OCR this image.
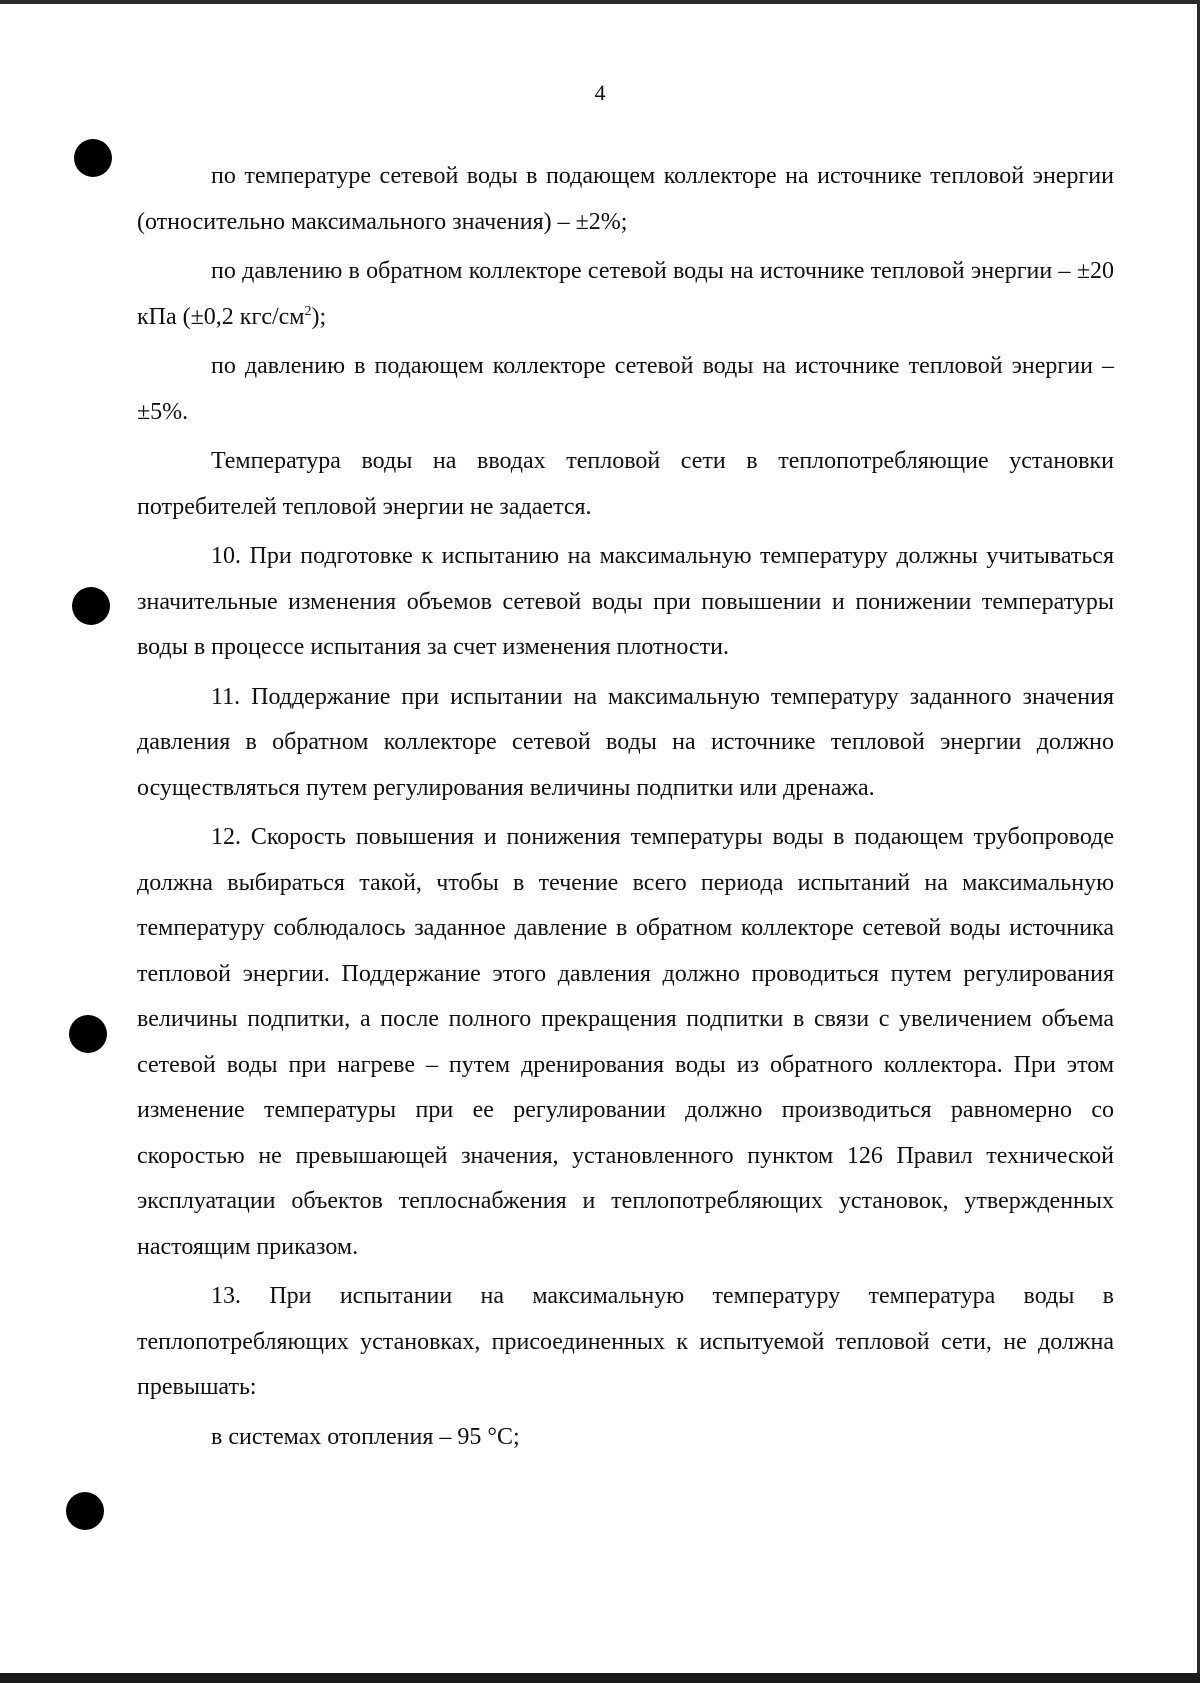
4

по температуре сетевой воды в подающем коллекторе на источнике тепловой энергии (относительно максимального значения) – ±2%;

по давлению в обратном коллекторе сетевой воды на источнике тепловой энергии – ±20 кПа (±0,2 кгс/$см^2$);

по давлению в подающем коллекторе сетевой воды на источнике тепловой энергии – ±5%.

Температура воды на вводах тепловой сети в теплопотребляющие установки потребителей тепловой энергии не задается.

10. При подготовке к испытанию на максимальную температуру должны учитываться значительные изменения объемов сетевой воды при повышении и понижении температуры воды в процессе испытания за счет изменения плотности.

11. Поддержание при испытании на максимальную температуру заданного значения давления в обратном коллекторе сетевой воды на источнике тепловой энергии должно осуществляться путем регулирования величины подпитки или дренажа.

12. Скорость повышения и понижения температуры воды в подающем трубопроводе должна выбираться такой, чтобы в течение всего периода испытаний на максимальную температуру соблюдалось заданное давление в обратном коллекторе сетевой воды источника тепловой энергии. Поддержание этого давления должно проводиться путем регулирования величины подпитки, а после полного прекращения подпитки в связи с увеличением объема сетевой воды при нагреве – путем дренирования воды из обратного коллектора. При этом изменение температуры при ее регулировании должно производиться равномерно со скоростью не превышающей значения, установленного пунктом 126 Правил технической эксплуатации объектов теплоснабжения и теплопотребляющих установок, утвержденных настоящим приказом.

13. При испытании на максимальную температуру температура воды в теплопотребляющих установках, присоединенных к испытуемой тепловой сети, не должна превышать:

в системах отопления – 95 °C;
